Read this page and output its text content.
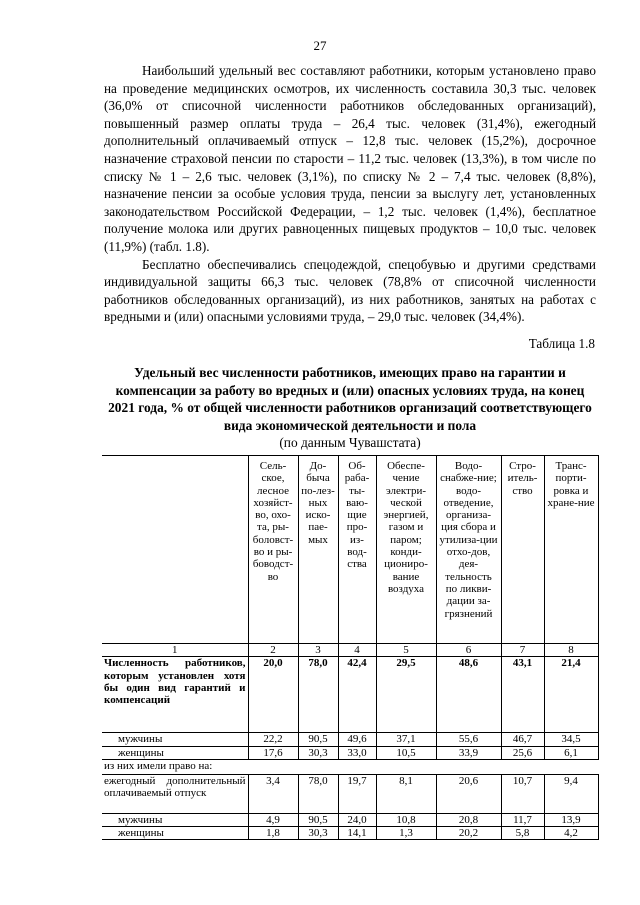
27

Наибольший удельный вес составляют работники, которым установлено право на проведение медицинских осмотров, их численность составила 30,3 тыс. человек (36,0% от списочной численности работников обследованных организаций), повышенный размер оплаты труда – 26,4 тыс. человек (31,4%), ежегодный дополнительный оплачиваемый отпуск – 12,8 тыс. человек (15,2%), досрочное назначение страховой пенсии по старости – 11,2 тыс. человек (13,3%), в том числе по списку № 1 – 2,6 тыс. человек (3,1%), по списку № 2 – 7,4 тыс. человек (8,8%), назначение пенсии за особые условия труда, пенсии за выслугу лет, установленных законодательством Российской Федерации, – 1,2 тыс. человек (1,4%), бесплатное получение молока или других равноценных пищевых продуктов – 10,0 тыс. человек (11,9%) (табл. 1.8).

Бесплатно обеспечивались спецодеждой, спецобувью и другими средствами индивидуальной защиты 66,3 тыс. человек (78,8% от списочной численности работников обследованных организаций), из них работников, занятых на работах с вредными и (или) опасными условиями труда, – 29,0 тыс. человек (34,4%).

Таблица 1.8
Удельный вес численности работников, имеющих право на гарантии и компенсации за работу во вредных и (или) опасных условиях труда, на конец 2021 года, % от общей численности работников организаций соответствующего вида экономической деятельности и пола
(по данным Чувашстата)
	Сель-ское, лесное хозяйст-во, охо-та, ры-боловст-во и ры-боводст-во	До-быча по-лез-ных иско-пае-мых	Об-раба-ты-ваю-щие про-из-вод-ства	Обеспе-чение электри-ческой энергией, газом и паром; конди-циониро-вание воздуха	Водо-снабже-ние; водо-отведение, организа-ция сбора и утилиза-ции отхо-дов, дея-тельность по ликви-дации за-грязнений	Стро-итель-ство	Транс-порти-ровка и хране-ние
1	2	3	4	5	6	7	8
Численность работников, которым установлен хотя бы один вид гарантий и компенсаций	20,0	78,0	42,4	29,5	48,6	43,1	21,4
мужчины	22,2	90,5	49,6	37,1	55,6	46,7	34,5
женщины	17,6	30,3	33,0	10,5	33,9	25,6	6,1
из них имели право на:							
ежегодный дополнительный оплачиваемый отпуск	3,4	78,0	19,7	8,1	20,6	10,7	9,4
мужчины	4,9	90,5	24,0	10,8	20,8	11,7	13,9
женщины	1,8	30,3	14,1	1,3	20,2	5,8	4,2
